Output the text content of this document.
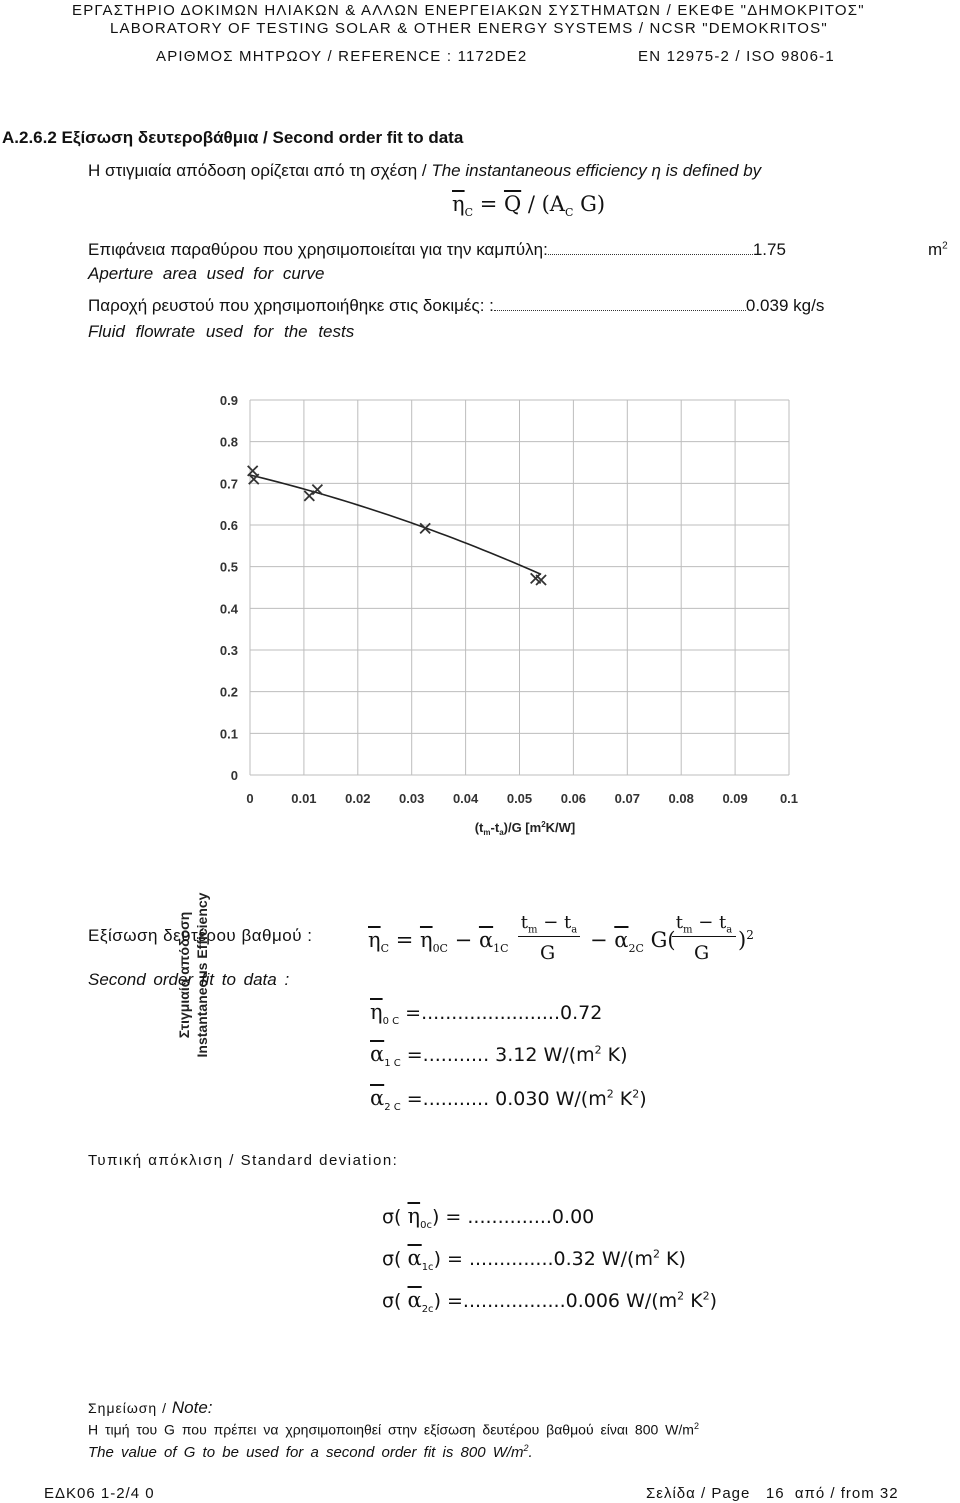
ΕΡΓΑΣΤΗΡΙΟ ΔΟΚΙΜΩΝ ΗΛΙΑΚΩΝ & ΑΛΛΩΝ ΕΝΕΡΓΕΙΑΚΩΝ ΣΥΣΤΗΜΑΤΩΝ / ΕΚΕΦΕ "ΔΗΜΟΚΡΙΤΟΣ"
LABORATORY OF TESTING SOLAR & OTHER ENERGY SYSTEMS / NCSR "DEMOKRITOS"
ΑΡΙΘΜΟΣ ΜΗΤΡΩΟΥ / REFERENCE : 1172DE2	EN 12975-2 / ISO 9806-1
A.2.6.2 Εξίσωση δευτεροβάθμια / Second order fit to data
Η στιγμιαία απόδοση ορίζεται από τη σχέση / The instantaneous efficiency η is defined by
$\overline{\eta}_C = \overline{Q} / (A_C$ G)
Επιφάνεια παραθύρου που χρησιμοποιείται για την καμπύλη:	1.75	$m^2$
Aperture area used for curve
Παροχή ρευστού που χρησιμοποιήθηκε στις δοκιμές: :	0.039 kg/s
Fluid flowrate used for the tests
0
0.1
0.2
0.3
0.4
0.5
0.6
0.7
0.8
0.9
0	0.01 0.02 0.03 0.04 0.05 0.06 0.07 0.08 0.09 0.1
Στιγμιαία απόδοση Instantaneous Efficiency
$(t_m-t_a)/G$ $[m^2K/W]$
Εξίσωση δευτέρου βαθμού :
Second order fit to data :
$\overline{\eta}_C = \overline{\eta}_{0C} - \overline{\alpha}_{1C}$
$t_m - t_a$
G
− $\overline{\alpha}_{2C}$ G(
$t_m - t_a$
G
)$^2$
$\overline{\eta}_{0 C} =.......................0.72$
$\overline{\alpha}_{1 C}$ =........... 3.12 $W/(m^2$ K)
$\overline{\alpha}_{2 C}$ =........... 0.030 $W/(m^2$ $K^2$)
Τυπική απόκλιση / Standard deviation:
σ( $\overline{\eta}_{0c}) = ..............0.00$
σ( $\overline{\alpha}_{1c}) = ..............0.32$ $W/(m^2$ K)
σ( $\overline{\alpha}_{2c}) =.................0.006$ $W/(m^2$ $K^2$)
Σημείωση / Note:
Η τιμή του G που πρέπει να χρησιμοποιηθεί στην εξίσωση δευτέρου βαθμού είναι 800 $W/m^2$
The value of G to be used for a second order fit is 800 $W/m^2$.
ΕΔΚ06 1-2/4 0	Σελίδα / Page   16  από / from 32
